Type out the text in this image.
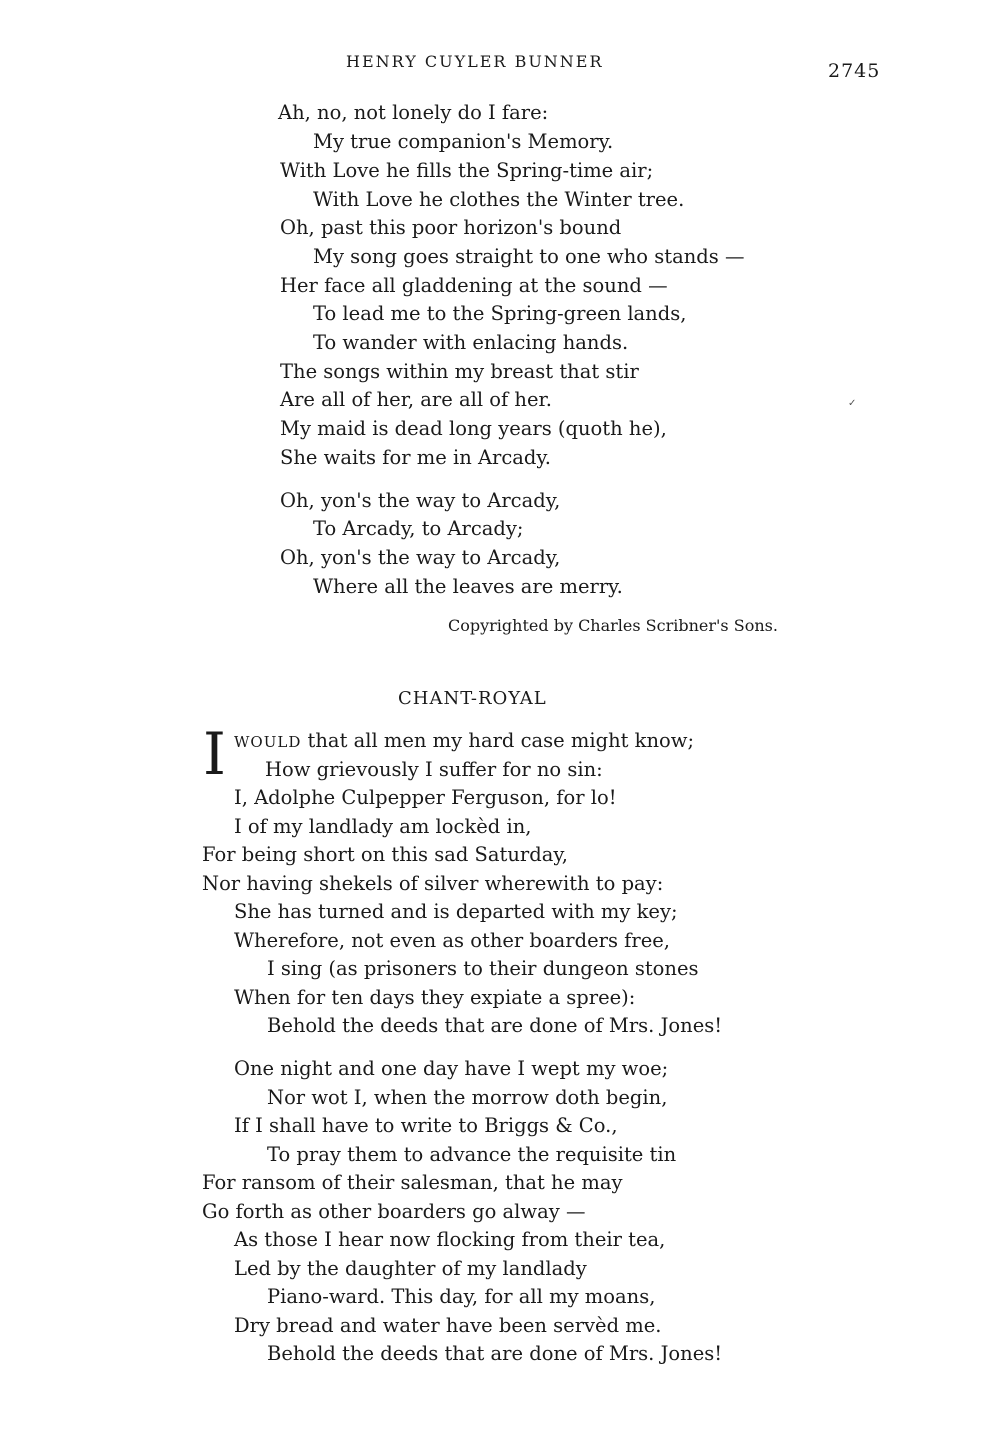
HENRY CUYLER BUNNER	2745
Ah, no, not lonely do I fare:
My true companion's Memory.
With Love he fills the Spring-time air;
With Love he clothes the Winter tree.
Oh, past this poor horizon's bound
My song goes straight to one who stands —
Her face all gladdening at the sound —
To lead me to the Spring-green lands,
To wander with enlacing hands.
The songs within my breast that stir
Are all of her, are all of her.
My maid is dead long years (quoth he),
She waits for me in Arcady.
Oh, yon's the way to Arcady,
To Arcady, to Arcady;
Oh, yon's the way to Arcady,
Where all the leaves are merry.
Copyrighted by Charles Scribner's Sons.
✓
CHANT-ROYAL
I WOULD that all men my hard case might know;
How grievously I suffer for no sin:
I, Adolphe Culpepper Ferguson, for lo!
I of my landlady am lockèd in,
For being short on this sad Saturday,
Nor having shekels of silver wherewith to pay:
She has turned and is departed with my key;
Wherefore, not even as other boarders free,
I sing (as prisoners to their dungeon stones
When for ten days they expiate a spree):
Behold the deeds that are done of Mrs. Jones!
One night and one day have I wept my woe;
Nor wot I, when the morrow doth begin,
If I shall have to write to Briggs & Co.,
To pray them to advance the requisite tin
For ransom of their salesman, that he may
Go forth as other boarders go alway —
As those I hear now flocking from their tea,
Led by the daughter of my landlady
Piano-ward. This day, for all my moans,
Dry bread and water have been servèd me.
Behold the deeds that are done of Mrs. Jones!
